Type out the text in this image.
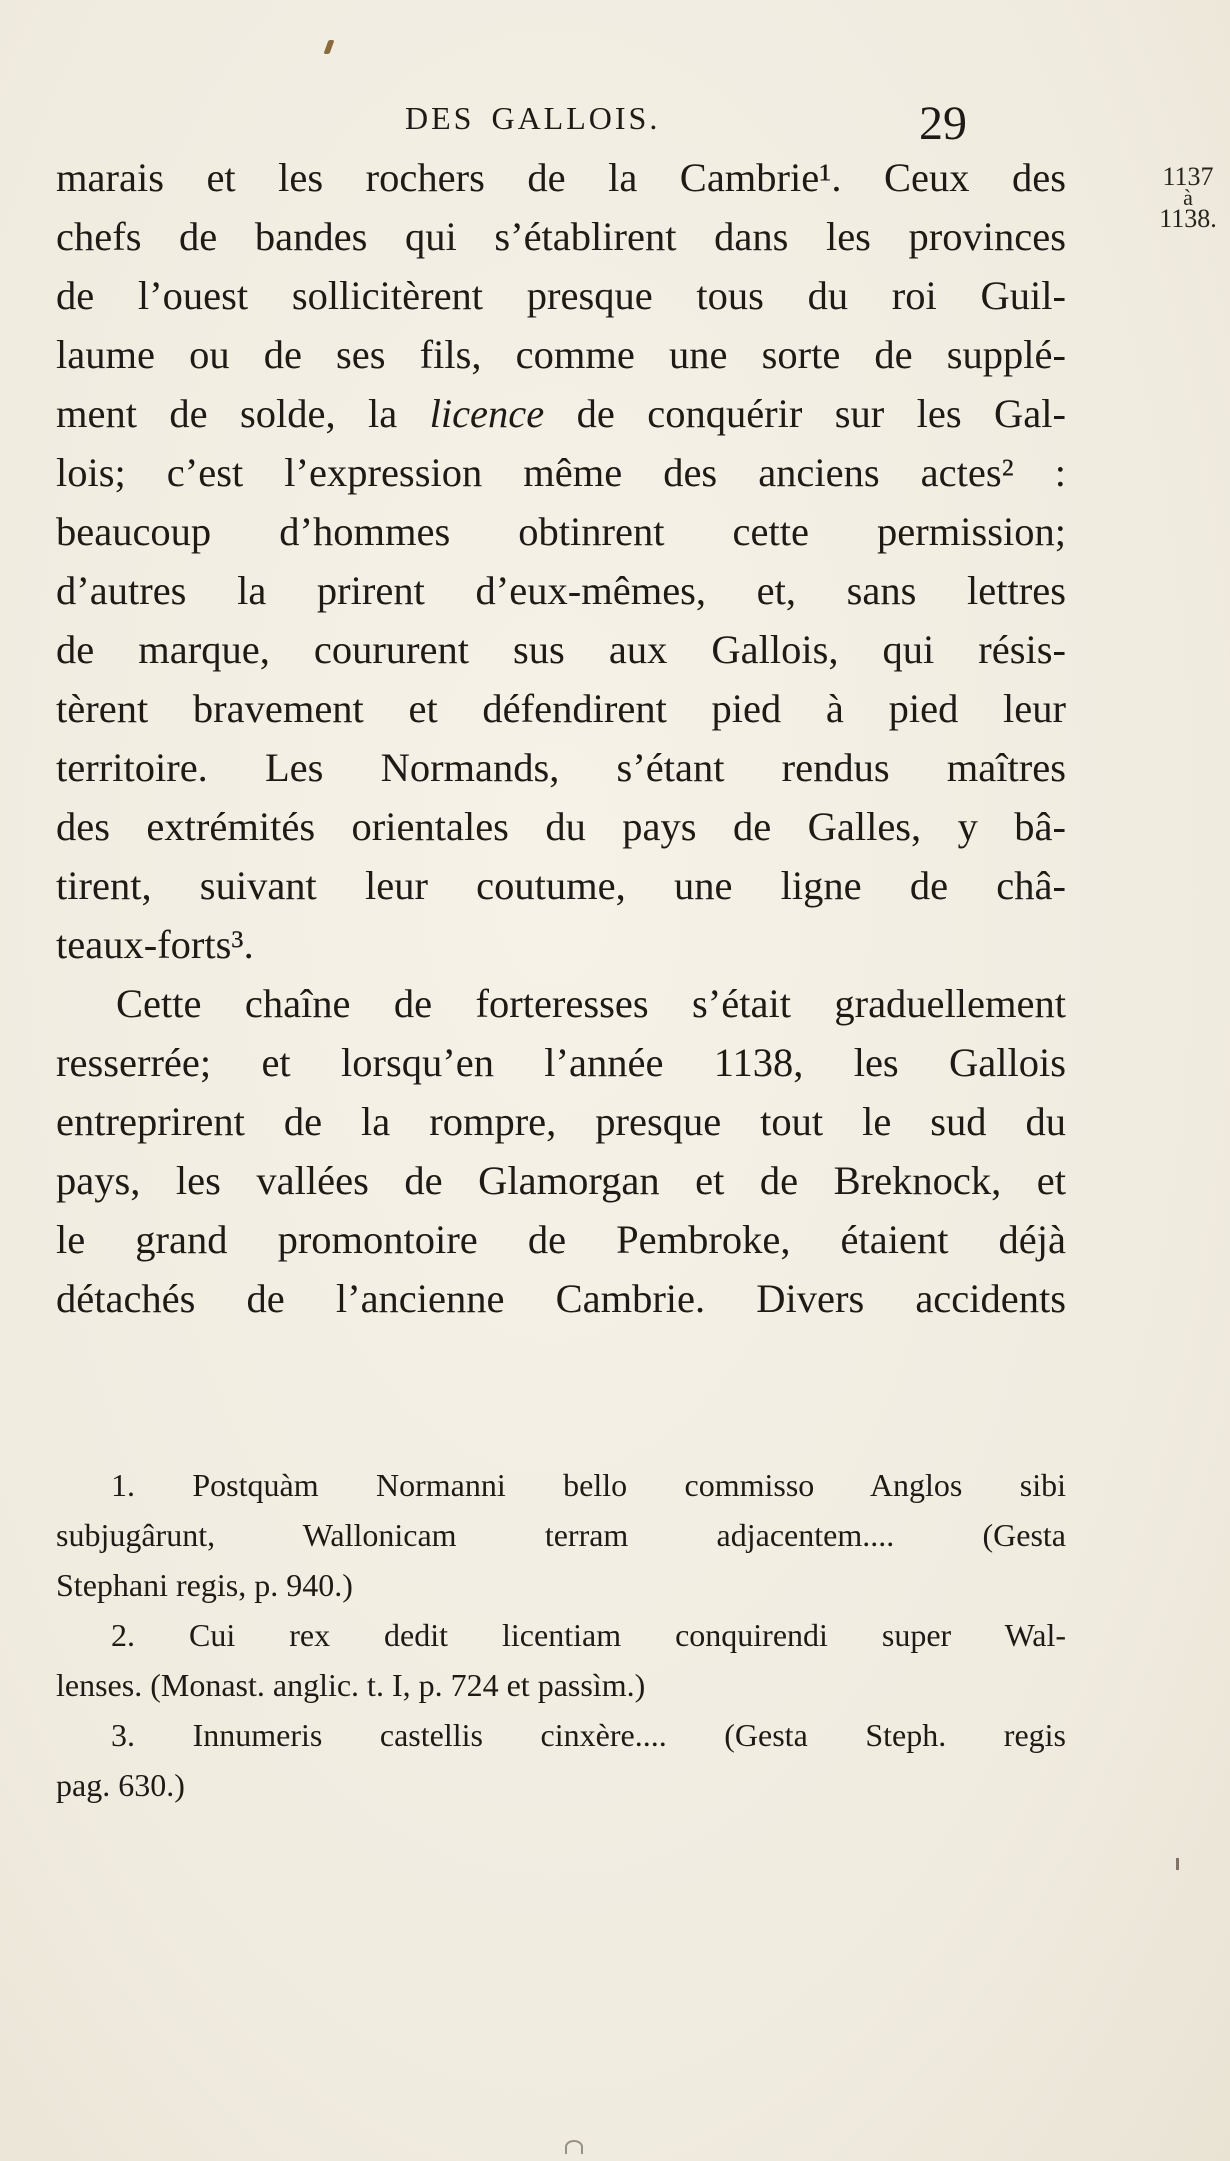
DES GALLOIS.	29
1137
à
1138.
marais et les rochers de la Cambrie¹. Ceux des
chefs de bandes qui s’établirent dans les provinces
de l’ouest sollicitèrent presque tous du roi Guil-
laume ou de ses fils, comme une sorte de supplé-
ment de solde, la licence de conquérir sur les Gal-
lois; c’est l’expression même des anciens actes² :
beaucoup d’hommes obtinrent cette permission;
d’autres la prirent d’eux-mêmes, et, sans lettres
de marque, coururent sus aux Gallois, qui résis-
tèrent bravement et défendirent pied à pied leur
territoire. Les Normands, s’étant rendus maîtres
des extrémités orientales du pays de Galles, y bâ-
tirent, suivant leur coutume, une ligne de châ-
teaux-forts³.
Cette chaîne de forteresses s’était graduellement
resserrée; et lorsqu’en l’année 1138, les Gallois
entreprirent de la rompre, presque tout le sud du
pays, les vallées de Glamorgan et de Breknock, et
le grand promontoire de Pembroke, étaient déjà
détachés de l’ancienne Cambrie. Divers accidents
1. Postquàm Normanni bello commisso Anglos sibi
subjugârunt, Wallonicam terram adjacentem.... (Gesta
Stephani regis, p. 940.)
2. Cui rex dedit licentiam conquirendi super Wal-
lenses. (Monast. anglic. t. I, p. 724 et passìm.)
3. Innumeris castellis cinxère.... (Gesta Steph. regis
pag. 630.)
